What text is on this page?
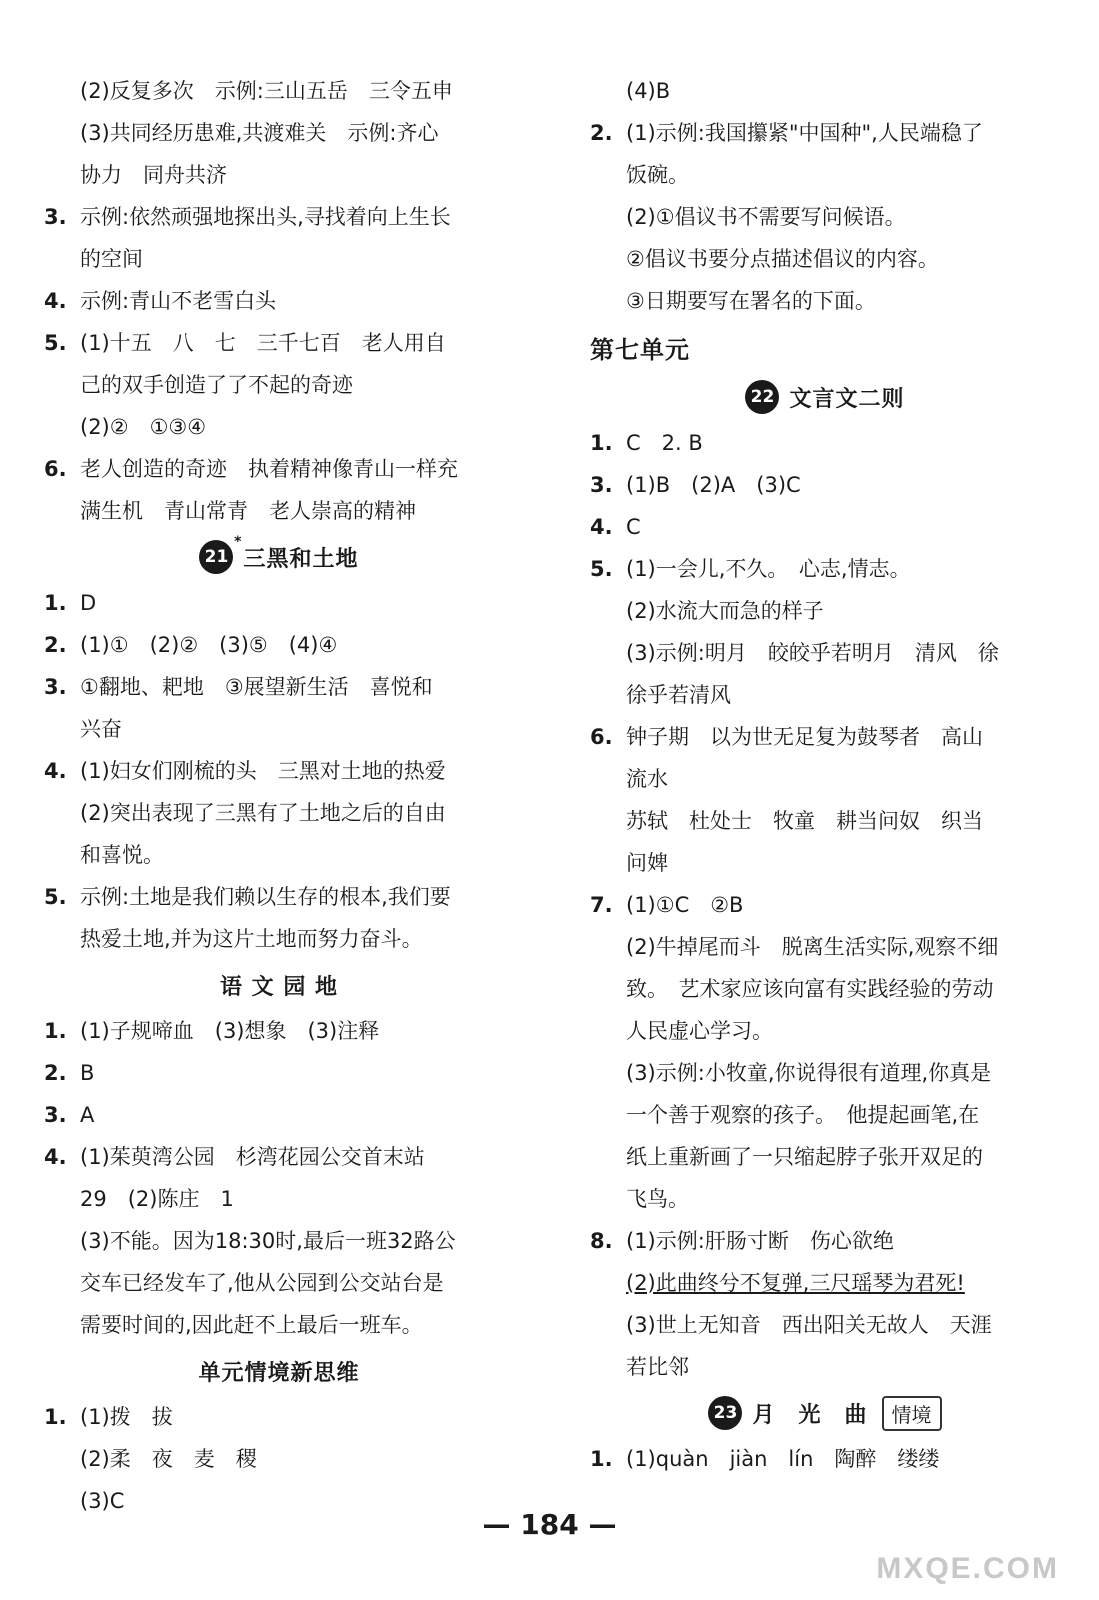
(2)反复多次　示例:三山五岳　三令五申
(3)共同经历患难,共渡难关　示例:齐心
协力　同舟共济
3. 示例:依然顽强地探出头,寻找着向上生长
的空间
4. 示例:青山不老雪白头
5. (1)十五　八　七　三千七百　老人用自
己的双手创造了了不起的奇迹
(2)②　①③④
6. 老人创造的奇迹　执着精神像青山一样充
满生机　青山常青　老人崇高的精神
21
*
三黑和土地
1. D
2. (1)①　(2)②　(3)⑤　(4)④
3. ①翻地、耙地　③展望新生活　喜悦和
兴奋
4. (1)妇女们刚梳的头　三黑对土地的热爱
(2)突出表现了三黑有了土地之后的自由
和喜悦。
5. 示例:土地是我们赖以生存的根本,我们要
热爱土地,并为这片土地而努力奋斗。
语 文 园 地
1. (1)子规啼血　(3)想象　(3)注释
2. B
3. A
4. (1)茱萸湾公园　杉湾花园公交首末站
29　(2)陈庄　1
(3)不能。因为18:30时,最后一班32路公
交车已经发车了,他从公园到公交站台是
需要时间的,因此赶不上最后一班车。
单元情境新思维
1. (1)拨　拔
(2)柔　夜　麦　稷
(3)C
(4)B
2. (1)示例:我国攥紧"中国种",人民端稳了
饭碗。
(2)①倡议书不需要写问候语。
②倡议书要分点描述倡议的内容。
③日期要写在署名的下面。
第七单元
22 文言文二则
1. C　2. B
3. (1)B　(2)A　(3)C
4. C
5. (1)一会儿,不久。　心志,情志。
(2)水流大而急的样子
(3)示例:明月　皎皎乎若明月　清风　徐
徐乎若清风
6. 钟子期　以为世无足复为鼓琴者　高山
流水
苏轼　杜处士　牧童　耕当问奴　织当
问婢
7. (1)①C　②B
(2)牛掉尾而斗　脱离生活实际,观察不细
致。　艺术家应该向富有实践经验的劳动
人民虚心学习。
(3)示例:小牧童,你说得很有道理,你真是
一个善于观察的孩子。　他提起画笔,在
纸上重新画了一只缩起脖子张开双足的
飞鸟。
8. (1)示例:肝肠寸断　伤心欲绝
(2)此曲终兮不复弹,三尺瑶琴为君死!
(3)世上无知音　西出阳关无故人　天涯
若比邻
23 月　光　曲	情境
1. (1)quàn　jiàn　lín　陶醉　缕缕
— 184 —
MXQE.COM
